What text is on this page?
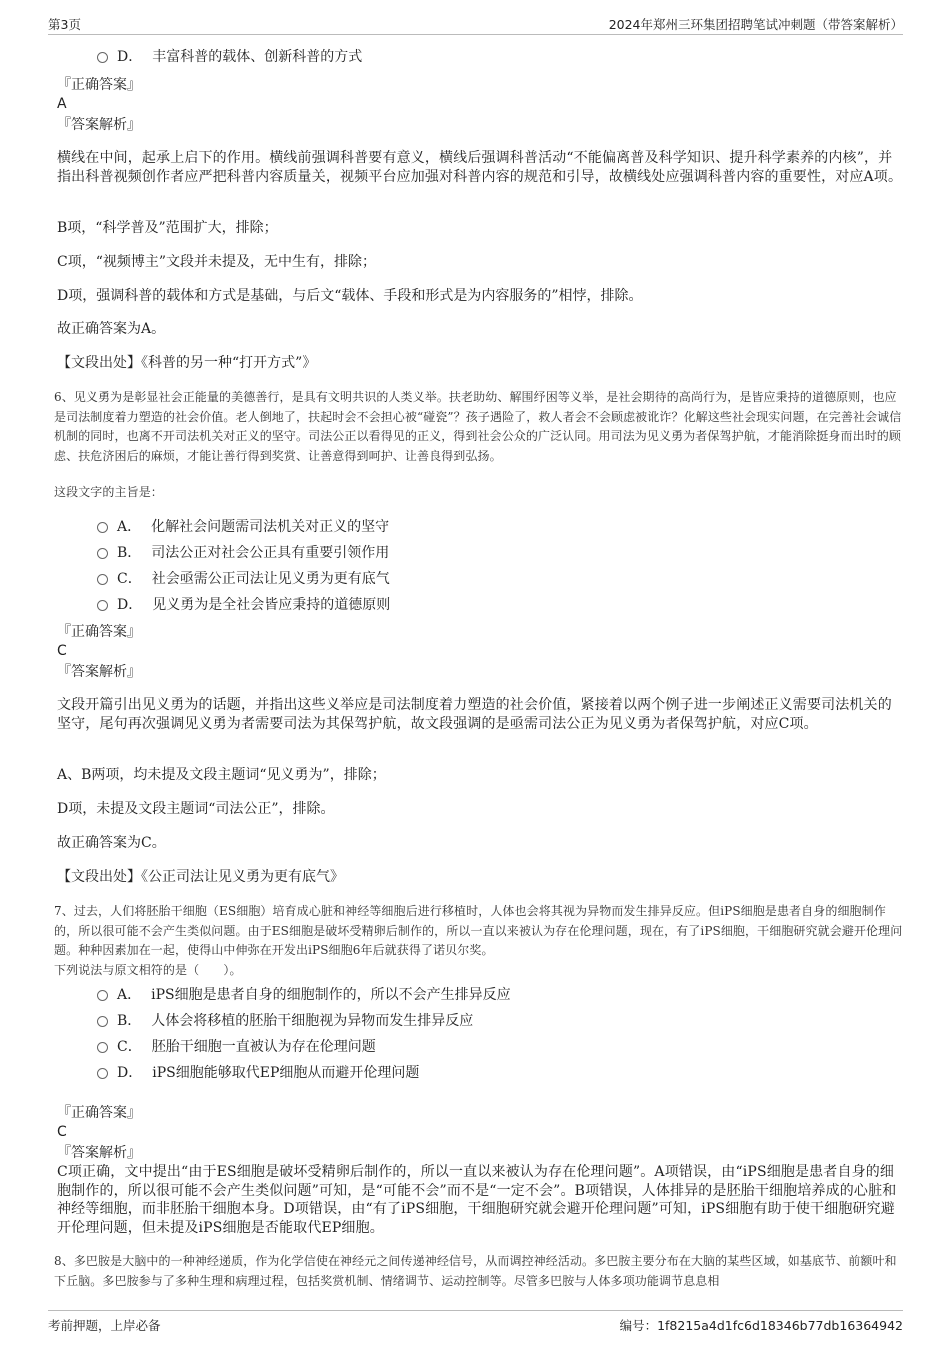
第3页	2024年郑州三环集团招聘笔试冲刺题（带答案解析）
D． 丰富科普的载体、创新科普的方式
『正确答案』
A
『答案解析』
横线在中间，起承上启下的作用。横线前强调科普要有意义，横线后强调科普活动“不能偏离普及科学知识、提升科学素养的内核”，并指出科普视频创作者应严把科普内容质量关，视频平台应加强对科普内容的规范和引导，故横线处应强调科普内容的重要性，对应A项。
B项，“科学普及”范围扩大，排除；
C项，“视频博主”文段并未提及，无中生有，排除；
D项，强调科普的载体和方式是基础，与后文“载体、手段和形式是为内容服务的”相悖，排除。
故正确答案为A。
【文段出处】《科普的另一种“打开方式”》
6、见义勇为是彰显社会正能量的美德善行，是具有文明共识的人类义举。扶老助幼、解围纾困等义举，是社会期待的高尚行为，是皆应秉持的道德原则，也应是司法制度着力塑造的社会价值。老人倒地了，扶起时会不会担心被“碰瓷”？孩子遇险了，救人者会不会顾虑被讹诈？化解这些社会现实问题，在完善社会诚信机制的同时，也离不开司法机关对正义的坚守。司法公正以看得见的正义，得到社会公众的广泛认同。用司法为见义勇为者保驾护航，才能消除挺身而出时的顾虑、扶危济困后的麻烦，才能让善行得到奖赏、让善意得到呵护、让善良得到弘扬。
这段文字的主旨是：
A． 化解社会问题需司法机关对正义的坚守
B． 司法公正对社会公正具有重要引领作用
C． 社会亟需公正司法让见义勇为更有底气
D． 见义勇为是全社会皆应秉持的道德原则
『正确答案』
C
『答案解析』
文段开篇引出见义勇为的话题，并指出这些义举应是司法制度着力塑造的社会价值，紧接着以两个例子进一步阐述正义需要司法机关的坚守，尾句再次强调见义勇为者需要司法为其保驾护航，故文段强调的是亟需司法公正为见义勇为者保驾护航，对应C项。
A、B两项，均未提及文段主题词“见义勇为”，排除；
D项，未提及文段主题词“司法公正”，排除。
故正确答案为C。
【文段出处】《公正司法让见义勇为更有底气》
7、过去，人们将胚胎干细胞（ES细胞）培育成心脏和神经等细胞后进行移植时，人体也会将其视为异物而发生排异反应。但iPS细胞是患者自身的细胞制作的，所以很可能不会产生类似问题。由于ES细胞是破坏受精卵后制作的，所以一直以来被认为存在伦理问题，现在，有了iPS细胞，干细胞研究就会避开伦理问题。种种因素加在一起，使得山中伸弥在开发出iPS细胞6年后就获得了诺贝尔奖。
下列说法与原文相符的是（　　）。
A． iPS细胞是患者自身的细胞制作的，所以不会产生排异反应
B． 人体会将移植的胚胎干细胞视为异物而发生排异反应
C． 胚胎干细胞一直被认为存在伦理问题
D． iPS细胞能够取代EP细胞从而避开伦理问题
『正确答案』
C
『答案解析』
C项正确，文中提出“由于ES细胞是破坏受精卵后制作的，所以一直以来被认为存在伦理问题”。A项错误，由“iPS细胞是患者自身的细胞制作的，所以很可能不会产生类似问题”可知，是“可能不会”而不是“一定不会”。B项错误，人体排异的是胚胎干细胞培养成的心脏和神经等细胞，而非胚胎干细胞本身。D项错误，由“有了iPS细胞，干细胞研究就会避开伦理问题”可知，iPS细胞有助于使干细胞研究避开伦理问题，但未提及iPS细胞是否能取代EP细胞。
8、多巴胺是大脑中的一种神经递质，作为化学信使在神经元之间传递神经信号，从而调控神经活动。多巴胺主要分布在大脑的某些区域，如基底节、前额叶和下丘脑。多巴胺参与了多种生理和病理过程，包括奖赏机制、情绪调节、运动控制等。尽管多巴胺与人体多项功能调节息息相
考前押题，上岸必备	编号：1f8215a4d1fc6d18346b77db16364942
